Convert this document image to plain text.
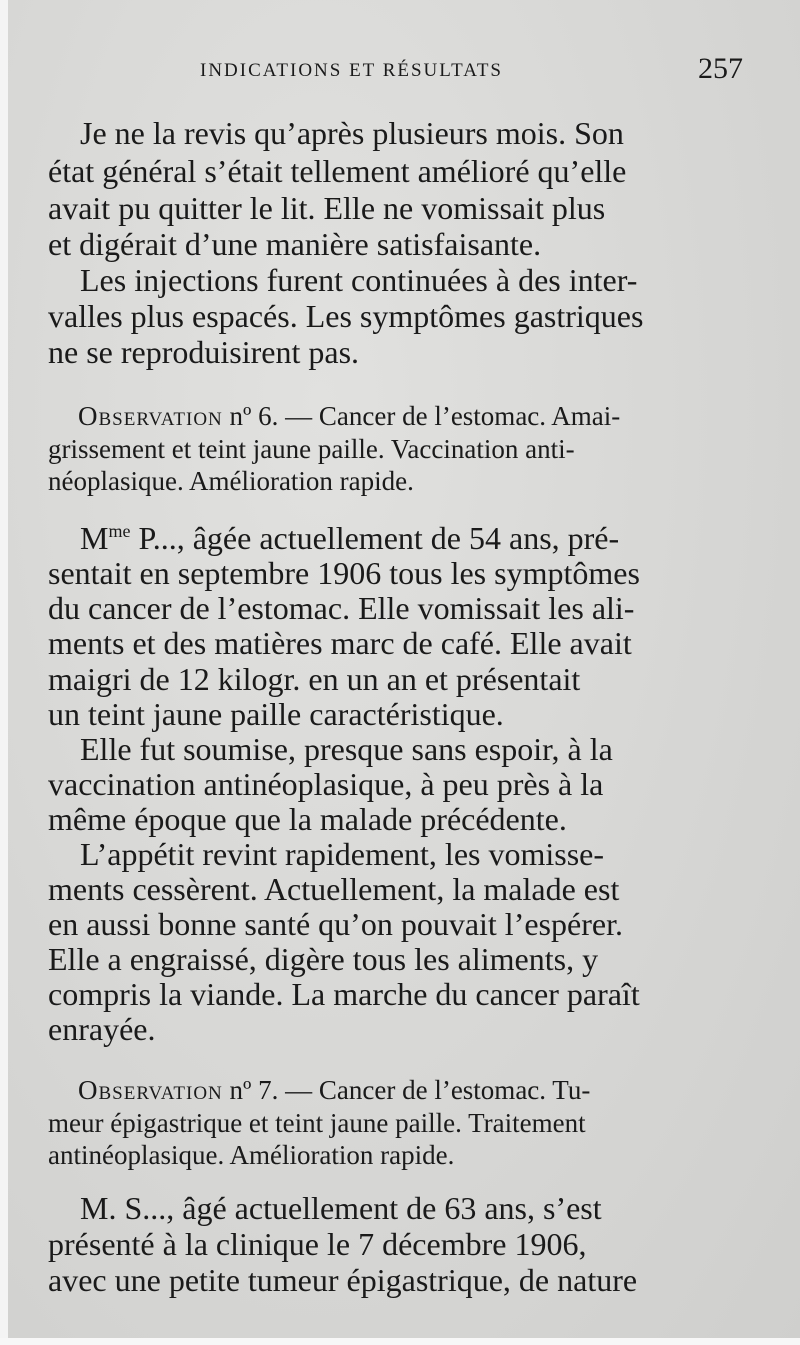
INDICATIONS ET RÉSULTATS	257
Je ne la revis qu’après plusieurs mois. Son
état général s’était tellement amélioré qu’elle
avait pu quitter le lit. Elle ne vomissait plus
et digérait d’une manière satisfaisante.
Les injections furent continuées à des inter-
valles plus espacés. Les symptômes gastriques
ne se reproduisirent pas.
Observation nº 6. — Cancer de l’estomac. Amai-
grissement et teint jaune paille. Vaccination anti-
néoplasique. Amélioration rapide.
$M^{me}$ P..., âgée actuellement de 54 ans, pré-
sentait en septembre 1906 tous les symptômes
du cancer de l’estomac. Elle vomissait les ali-
ments et des matières marc de café. Elle avait
maigri de 12 kilogr. en un an et présentait
un teint jaune paille caractéristique.
Elle fut soumise, presque sans espoir, à la
vaccination antinéoplasique, à peu près à la
même époque que la malade précédente.
L’appétit revint rapidement, les vomisse-
ments cessèrent. Actuellement, la malade est
en aussi bonne santé qu’on pouvait l’espérer.
Elle a engraissé, digère tous les aliments, y
compris la viande. La marche du cancer paraît
enrayée.
Observation nº 7. — Cancer de l’estomac. Tu-
meur épigastrique et teint jaune paille. Traitement
antinéoplasique. Amélioration rapide.
M. S..., âgé actuellement de 63 ans, s’est
présenté à la clinique le 7 décembre 1906,
avec une petite tumeur épigastrique, de nature
